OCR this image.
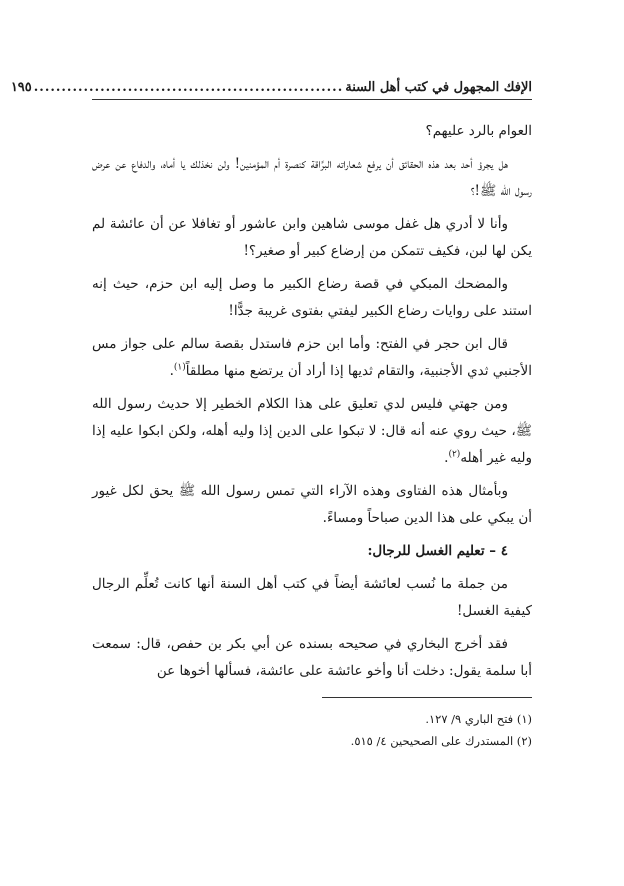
الإفك المجهول في كتب أهل السنة
........................................................
١٩٥

العوام بالرد عليهم؟

هل يجرؤ أحد بعد هذه الحقائق أن يرفع شعاراته البرَّاقة كنصرة أم المؤمنين! ولن نخذلك يا أماه، والدفاع عن عرض رسول الله ﷺ!؟

وأنا لا أدري هل غفل موسى شاهين وابن عاشور أو تغافلا عن أن عائشة لم يكن لها لبن، فكيف تتمكن من إرضاع كبير أو صغير؟!

والمضحك المبكي في قصة رضاع الكبير ما وصل إليه ابن حزم، حيث إنه استند على روايات رضاع الكبير ليفتي بفتوى غريبة جدًّا!

قال ابن حجر في الفتح: وأما ابن حزم فاستدل بقصة سالم على جواز مس الأجنبي ثدي الأجنبية، والتقام ثديها إذا أراد أن يرتضع منها مطلقاً$^{(١)}$.

ومن جهتي فليس لدي تعليق على هذا الكلام الخطير إلا حديث رسول الله ﷺ، حيث روي عنه أنه قال: لا تبكوا على الدين إذا وليه أهله، ولكن ابكوا عليه إذا وليه غير أهله$^{(٢)}$.

وبأمثال هذه الفتاوى وهذه الآراء التي تمس رسول الله ﷺ يحق لكل غيور أن يبكي على هذا الدين صباحاً ومساءً.

٤ – تعليم الغسل للرجال:

من جملة ما نُسب لعائشة أيضاً في كتب أهل السنة أنها كانت تُعلِّم الرجال كيفية الغسل!

فقد أخرج البخاري في صحيحه بسنده عن أبي بكر بن حفص، قال: سمعت أبا سلمة يقول: دخلت أنا وأخو عائشة على عائشة، فسألها أخوها عن

(١) فتح الباري ٩/ ١٢٧.
(٢) المستدرك على الصحيحين ٤/ ٥١٥.
